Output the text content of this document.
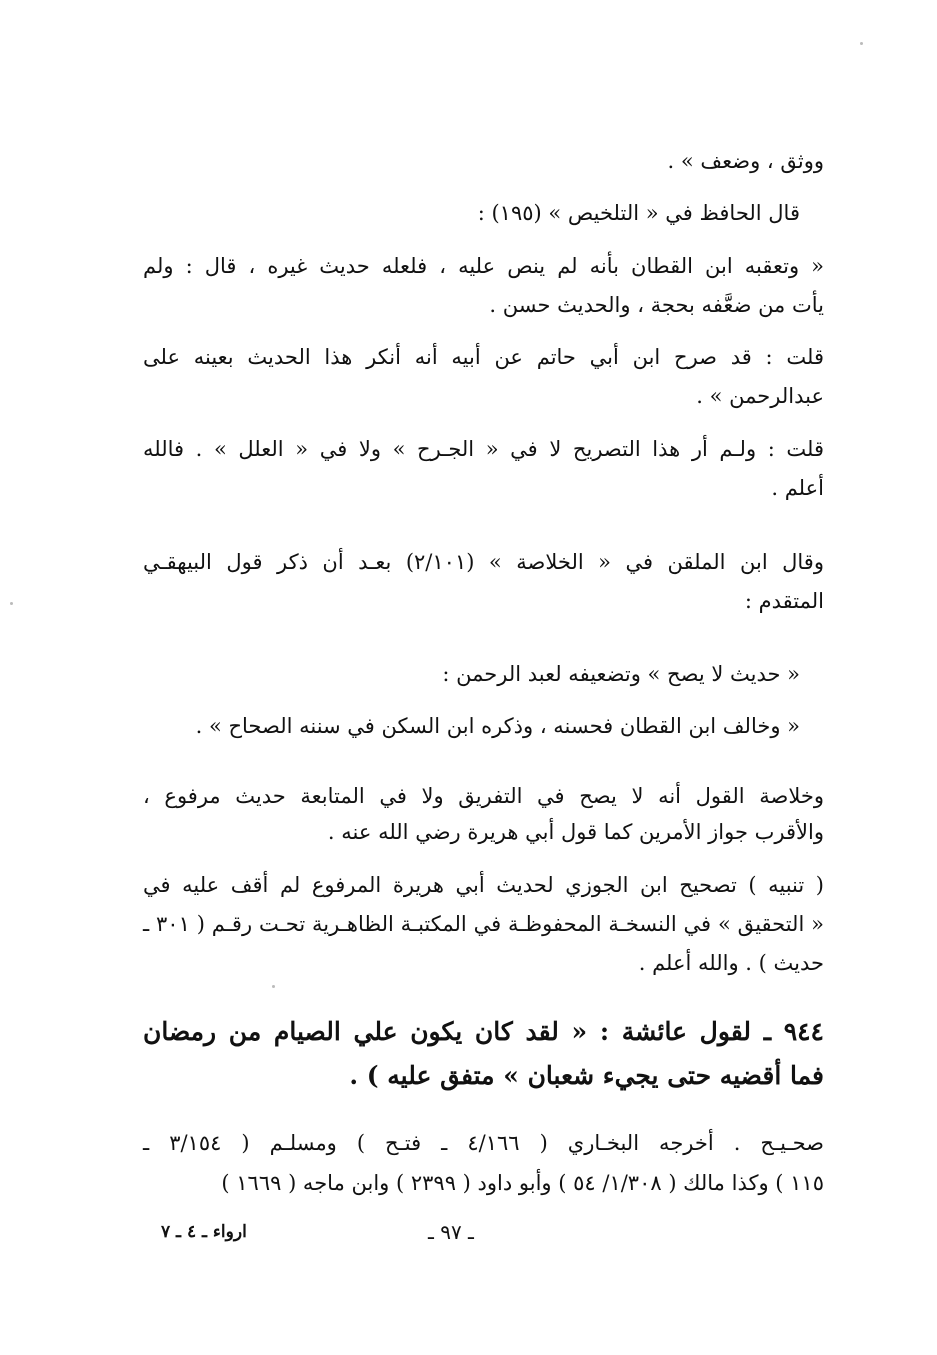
ووثق ، وضعف » .
قال الحافظ في « التلخيص » (١٩٥) :
« وتعقبه ابن القطان بأنه لم ينص عليه ، فلعله حديث غيره ، قال : ولم
يأت من ضعَّفه بحجة ، والحديث حسن .
قلت : قد صرح ابن أبي حاتم عن أبيه أنه أنكر هذا الحديث بعينه على
عبدالرحمن » .
قلت : ولـم أر هذا التصريح لا في « الجـرح » ولا في « العلل » . فالله
أعلم .
وقال ابن الملقن في « الخلاصة » (٢/١٠١) بعـد أن ذكر قول البيهقـي
المتقدم :
« حديث لا يصح » وتضعيفه لعبد الرحمن :
« وخالف ابن القطان فحسنه ، وذكره ابن السكن في سننه الصحاح » .
وخلاصة القول أنه لا يصح في التفريق ولا في المتابعة حديث مرفوع ،
والأقرب جواز الأمرين كما قول أبي هريرة رضي الله عنه .
( تنبيه ) تصحيح ابن الجوزي لحديث أبي هريرة المرفوع لم أقف عليه في
« التحقيق » في النسخـة المحفوظـة في المكتبـة الظاهـرية تحـت رقـم ( ٣٠١ ـ
حديث ) . والله أعلم .
٩٤٤ ـ لقول عائشة : « لقد كان يكون علي الصيام من رمضان
فما أقضيه حتى يجيء شعبان » متفق عليه ) .
صحـيـح . أخرجه البخـاري ( ٤/١٦٦ ـ فتـح ) ومسلـم ( ٣/١٥٤ ـ
١١٥ ) وكذا مالك ( ١/٣٠٨/ ٥٤ ) وأبو داود ( ٢٣٩٩ ) وابن ماجه ( ١٦٦٩ )
ـ ٩٧ ـ
ارواء ـ ٤ ـ ٧
